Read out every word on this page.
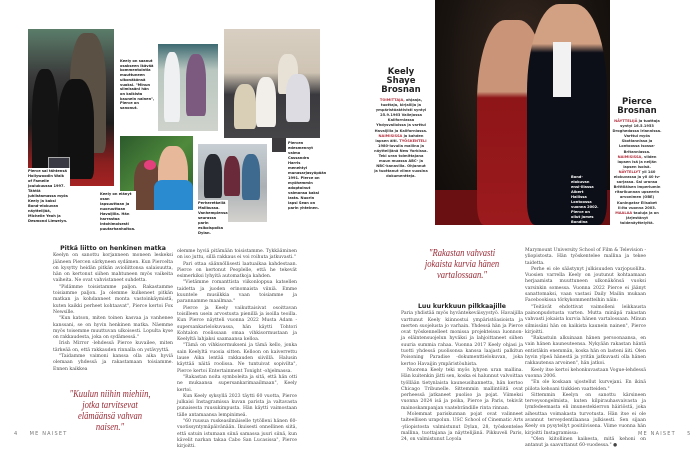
Pierce sai tähtensä Hollywoodin Walk of Fameile joulukuussa 1997. Tähtiä juhlistamassa myös Keely ja kaksi Bond-elokuvan näyttelijää, Michelle Yeoh ja Desmond Llewelyn.
Keely on saanut osakseen ikävää kommentointia muuttuneen ulkonäkönsä vuoksi. "Minun silmissäni hän on kaikista kaunein nainen", Pierce on sanonut.
Piercen edesmennyt vaimo Cassandra Harris menehtyi munasarjasyöpään 1991. Pierce on myöhemmin adoptoinut vaimonsa kaksi lasta. Nuorin lapsi Sean on parin yhteinen.
Keely on elänyt osan lapsuuttaan ja nuoruuttaan Havaijilla. Hän harrastaa intohimoisesti puutarhanhoitoa.
Perheretkellä Malibussa. Vanhempiensa seurassa parin esikoispoika Dylan.
Pitkä liitto on henkinen matka

Keelyn on sanottu korjanneen moneen leskeksi jääneen Piercen särkyneen sydämen. Kun Piercelta on kysytty heidän pitkän avioliittonsa salaisuutta, hän on kertonut siihen mahtuneen myös vaikeita vaiheita. Ne ovat vahvistaneet suhdetta.

"Pidämme toisistamme paljon. Rakastamme toisiamme paljon. Ja olemme kulkeneet pitkän matkan ja kohdanneet monta vastoinkäymistä, kuten kaikki perheet kohtaavat", Pierce kertoi Fox Newsille.

"Kun katson, miten toinen kasvaa ja vanhenee kanssani, se on hyvin henkinen matka. Näemme myös toisemme muuttuvan ulkoisesti. Lopulta kyse on rakkaudesta, joka on sydämessä."

Irish Mirror -lehdessä Pierce kuvailee, miten tärkeää on, että rakkauden rinnalla on ystävyyttä.

"Taidamme vaimoni kanssa olla aika hyviä olemaan yhdessä ja rakastamaan toisiamme. Ennen kaikkea

"Kuulun niihin miehiin, jotka tarvitsevat elämäänsä vahvan naisen."

olemme hyviä pitämään toisistamme. Tykkääminen on iso juttu, sillä rakkaus ei voi roihuta jatkuvasti."

Pari ottaa säännöllisesti laatuaikaa kahdestaan. Pierce on kertonut Peoplelle, että he tekevät esimerkiksi lyhyitä automatkoja kahden.

"Vietämme romanttista viikonloppua katsellen taidetta ja juoden erinomaista viiniä. Emme kuuntele musiikkia vaan toisiamme ja parannamme maailmaa."

Pierce ja Keely vaikuttaisivat osoittavan toisilleen usein arvostusta pienillä ja isoilla teoilla. Kun Pierce näytteli vuonna 2022 Musta Adam -supersankarielokuvassa, hän käytti Tohtori Kohtalon roolissaan omaa vihkisormustaan ja Keelyltä lahjaksi saamaansa kelloa.

"Tämä on vihkisormukseni ja tämä kello, jonka sain Keelyltä vuosia sitten. Kelloon on kaiverrettu lause Aika lentää rakkauden siivillä. Halusin käyttää näitä roolissa. Ne tuntuivat sopivilta", Pierce kertoi Entertainment Tonight -ohjelmassa.

"Rakastan noita symboleita ja sitä, että hän otti ne mukaansa supersankarimaailmaan", Keely kertoi.

Kun Keely syksyllä 2023 täytti 60 vuotta, Pierce julkaisi Instagramissa kuvan parista ja valtavasta punaisesta ruusukimpusta. Hän käytti vaimostaan tälle antamaansa lempinimeä.

"60 ruusua ruskeasilmäiselle tytölleni hänen 60-vuotissyntymäpäivänään. Ikuisesti onnellinen siitä, että satuin istumaan siinä samassa juuri siinä, kun kävelit narkan takaa Cabo San Lucasissa", Pierce kirjoitti.

4 ME NAISET
Keely Shaye Brosnan
TOIMITTAJA, ohjaaja, tuottaja, kirjailija ja ympäristöaktivisti syntyi 25.9.1963 Vallejossa Kaliforniassa Yhdysvalloissa ja varttui Havaijilla ja Kaliforniassa. NAIMISISSA ja kahden lapsen äiti. TYÖSKENTELI 1980-luvulla mallina ja näyttelijänä New Yorkissa. Teki uran toimittajana muun muassa ABC- ja NBC-kanavilla. Ohjannut ja tuottanut viime vuosina dokumentteja.	Bond-elokuvan ensi-illassa Albert Hallissa Lontoossa vuonna 2002. Pierce on ollut James Bondina neljässä elokuvassa.
Pierce Brosnan
NÄYTTELIJÄ ja tuottaja syntyi 16.5.1953 Droghedassa Irlannissa. Varttui myös Skotlannissa ja Lontoossa Isossa-Britanniassa. NAIMISISSA, viiden lapsen isä ja neljän lapsen isoisä. NÄYTELLYT yli 140 elokuvassa ja yli 40 tv-sarjassa. Sai uransa Brittiläisen imperiumin ritarikunnan upseerin arvonimen (OBE) Kuningatar Elisabet II:lta vuonna 2003. MAALAA tauluja ja on järjestänyt taidenäyttelyitä.
"Rakastan vahvasti jokaista kurvia hänen vartalossaan."
Luu kurkkuun pilkkaajille

Paria yhdistää myös hyväntekeväisyystyö. Havaijilla varttunut Keely kiinnostui ympäristöasioista ja merten suojelusta jo varhain. Yhdessä hän ja Pierce ovat työskennelleet monissa projekteissa luonnon- ja eläintensuojelun hyväksi ja lahjoittaneet siihen suuria summia rahaa. Vuonna 2017 Keely ohjasi ja tuotti yhdessä puolisonsa kanssa laajasti palkitun Poisoning Paradise -dokumenttielokuvan, joka kertoo Havaijin ympäristöuhista.

Nuorena Keely teki myös lyhyen uran mallina. Hän kuitenkin jätti sen, koska ei halunnut valvoittaa työllään tietynlaista kauneusihannetta, hän kertoo Chicago Tribunelle. Sittemmin mallintöitä ovat perheessä jatkaneet puoliso ja pojat. Viimeksi vuonna 2024 isä ja poika, Pierce ja Paris, tekivät mainoskampanjan vaatebrändille rinta rinnan.

Molemmat pariskunnan pojat ovat valinneet taiteellisen urapolun. USC School of Cinematic Arts -yliopistosta valmistunut Dylan, 28, työskentelee mallina, tuottajana ja näyttelijänä. Pikkuveli Paris, 24, on valmistunut Loyola

Marymount University School of Film & Television -yliopistosta. Hän työskentelee mallina ja tekee taidetta.

Perhe ei ole säästynyt julkisuuden varjopuolilta. Vuosien varrella Keely on joutunut kohtaamaan herjaamista muuttuneen ulkonäkönsä vuoksi varsinkin somessa. Vuonna 2022 Pierce ei jäänyt sanattomaksi, vaan vastasi Daily Mailin mukaan Facebookissa törkykommentteihin näin:

"Teitävät ehdottivat vaimolleni leikkausta painonpudotusta varten. Mutta minäpä rakastan vahvasti jokaista kurvia hänen vartalossaan. Minun silmissäni hän on kaikista kaunein nainen", Pierce kirjoitti.

"Rakastuin alkuinaan hänen persoonaansa, en vain hänen kauneuteensa. Nykyään rakastan häntä entistäkin enemmän, koska hän on lasteni äiti. Olen hyvin ylpeä hänestä ja yritän jatkuvasti olla hänen rakkautensa arvoinen", hän jatkoi.

Keely itse kertoi kehonkuvastaan Vogue-lehdessä vuonna 2006.

"En ole koskaan ujostellut kurvejani. En ikinä piilota kehoani tiukkien vaatteiden."

Sittemmin Keelyn on sanottu kärsineen terveysongelmista, kuten kilpirauhasvaivasta ja lymfedeemasta eli imunestekierron häiriöstä, joka aiheuttaa voimakasta turvotusta. Hän itse ei ole avannut terveydentilaansa julkisesti. Sen sijaan Keely on pysytellyt positiivisena. Viime vuonna hän kirjoitti Instagramissa:

"Olen kiitollinen kaikesta, mitä kehoni on antanut ja saavuttanut 60-vuodessa." ●

ME NAISET 5
